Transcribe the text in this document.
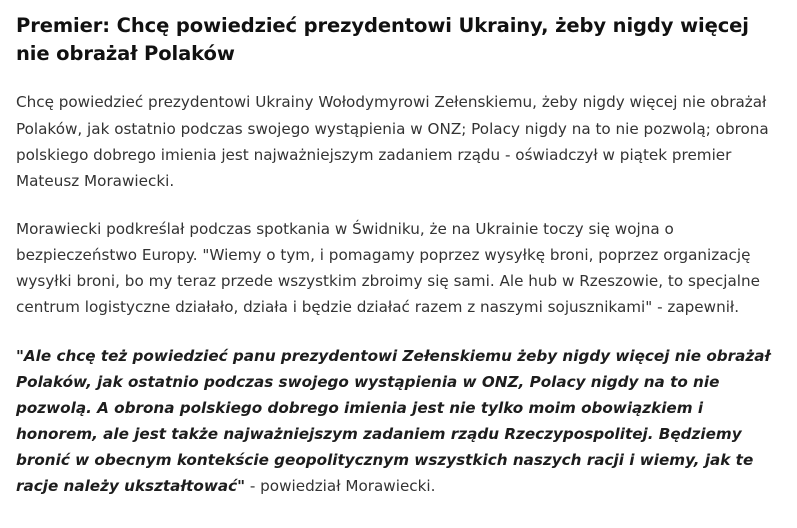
Premier: Chcę powiedzieć prezydentowi Ukrainy, żeby nigdy więcej nie obrażał Polaków

Chcę powiedzieć prezydentowi Ukrainy Wołodymyrowi Zełenskiemu, żeby nigdy więcej nie obrażał Polaków, jak ostatnio podczas swojego wystąpienia w ONZ; Polacy nigdy na to nie pozwolą; obrona polskiego dobrego imienia jest najważniejszym zadaniem rządu - oświadczył w piątek premier Mateusz Morawiecki.

Morawiecki podkreślał podczas spotkania w Świdniku, że na Ukrainie toczy się wojna o bezpieczeństwo Europy. "Wiemy o tym, i pomagamy poprzez wysyłkę broni, poprzez organizację wysyłki broni, bo my teraz przede wszystkim zbroimy się sami. Ale hub w Rzeszowie, to specjalne centrum logistyczne działało, działa i będzie działać razem z naszymi sojusznikami" - zapewnił.

"Ale chcę też powiedzieć panu prezydentowi Zełenskiemu żeby nigdy więcej nie obrażał Polaków, jak ostatnio podczas swojego wystąpienia w ONZ, Polacy nigdy na to nie pozwolą. A obrona polskiego dobrego imienia jest nie tylko moim obowiązkiem i honorem, ale jest także najważniejszym zadaniem rządu Rzeczypospolitej. Będziemy bronić w obecnym kontekście geopolitycznym wszystkich naszych racji i wiemy, jak te racje należy ukształtować" - powiedział Morawiecki.
